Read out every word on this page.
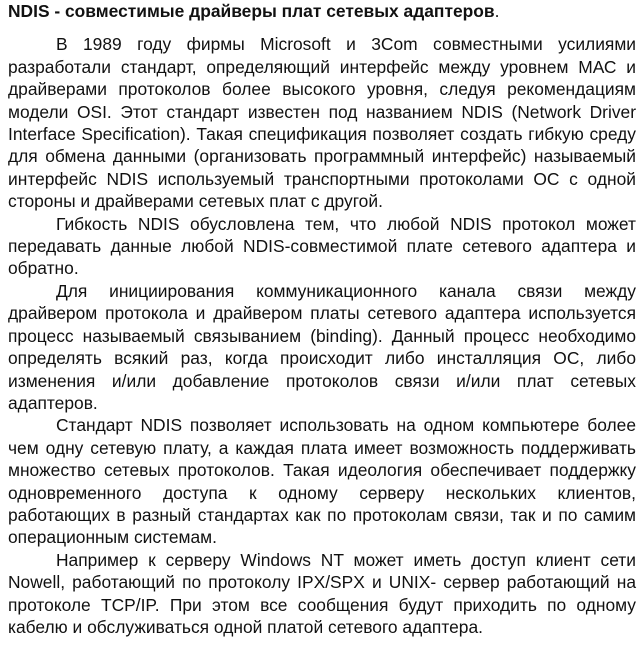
NDIS - совместимые драйверы плат сетевых адаптеров.

В 1989 году фирмы Microsoft и 3Com совместными усилиями разработали стандарт, определяющий интерфейс между уровнем МАС и драйверами протоколов более высокого уровня, следуя рекомендациям модели OSI. Этот стандарт известен под названием NDIS (Network Driver Interface Specification). Такая спецификация позволяет создать гибкую среду для обмена данными (организовать программный интерфейс) называемый интерфейс NDIS используемый транспортными протоколами ОС с одной стороны и драйверами сетевых плат с другой.

Гибкость NDIS обусловлена тем, что любой NDIS протокол может передавать данные любой NDIS-совместимой плате сетевого адаптера и обратно.

Для инициирования коммуникационного канала связи между драйвером протокола и драйвером платы сетевого адаптера используется процесс называемый связыванием (binding). Данный процесс необходимо определять всякий раз, когда происходит либо инсталляция ОС, либо изменения и/или добавление протоколов связи и/или плат сетевых адаптеров.

Стандарт NDIS позволяет использовать на одном компьютере более чем одну сетевую плату, а каждая плата имеет возможность поддерживать множество сетевых протоколов. Такая идеология обеспечивает поддержку одновременного доступа к одному серверу нескольких клиентов, работающих в разный стандартах как по протоколам связи, так и по самим операционным системам.

Например к серверу Windows NT может иметь доступ клиент сети Nowell, работающий по протоколу IPX/SPX и UNIX- сервер работающий на протоколе TCP/IP. При этом все сообщения будут приходить по одному кабелю и обслуживаться одной платой сетевого адаптера.
